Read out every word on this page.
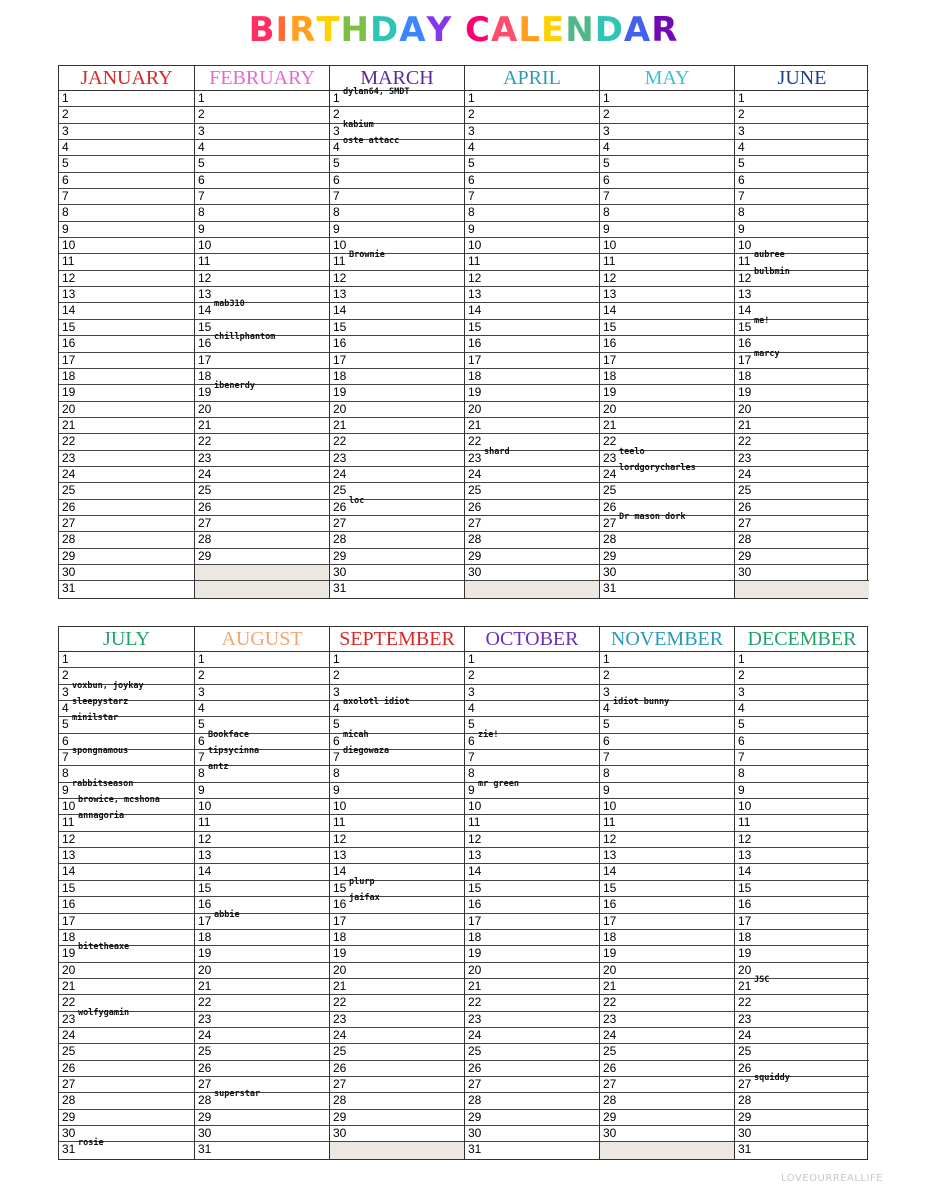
BIRTHDAY CALENDAR
JANUARY
1
2
3
4
5
6
7
8
9
10
11
12
13
14
15
16
17
18
19
20
21
22
23
24
25
26
27
28
29
30
31
FEBRUARY
1
2
3
4
5
6
7
8
9
10
11
12
13
14 mab310
15
16 chillphantom
17
18
19 ibenerdy
20
21
22
23
24
25
26
27
28
29
MARCH
1 dylan64, SMDT
2
3 kabium
4 oste attacc
5
6
7
8
9
10
11 Brownie
12
13
14
15
16
17
18
19
20
21
22
23
24
25
26 loc
27
28
29
30
31
APRIL
1
2
3
4
5
6
7
8
9
10
11
12
13
14
15
16
17
18
19
20
21
22
23 shard
24
25
26
27
28
29
30
MAY
1
2
3
4
5
6
7
8
9
10
11
12
13
14
15
16
17
18
19
20
21
22
23 teelo
24 lordgorycharles
25
26
27 Dr mason dork
28
29
30
31
JUNE
1
2
3
4
5
6
7
8
9
10
11 aubree
12 bulbmin
13
14
15 me!
16
17 marcy
18
19
20
21
22
23
24
25
26
27
28
29
30
JULY
1
2
3 voxbun, joykay
4 sleepystarz
5 minilstar
6
7 spongnamous
8
9 rabbitseason
10 browice, mcshona
11 annagoria
12
13
14
15
16
17
18
19 bitetheaxe
20
21
22
23 wolfygamin
24
25
26
27
28
29
30
31 rosie
AUGUST
1
2
3
4
5
6 Bookface
7 tipsycinna
8 antz
9
10
11
12
13
14
15
16
17 abbie
18
19
20
21
22
23
24
25
26
27
28 superstar
29
30
31
SEPTEMBER
1
2
3
4 axolotl idiot
5
6 micah
7 diegowaza
8
9
10
11
12
13
14
15 plurp
16 jaifax
17
18
19
20
21
22
23
24
25
26
27
28
29
30
OCTOBER
1
2
3
4
5
6 zie!
7
8
9 mr green
10
11
12
13
14
15
16
17
18
19
20
21
22
23
24
25
26
27
28
29
30
31
NOVEMBER
1
2
3
4 idiot bunny
5
6
7
8
9
10
11
12
13
14
15
16
17
18
19
20
21
22
23
24
25
26
27
28
29
30
DECEMBER
1
2
3
4
5
6
7
8
9
10
11
12
13
14
15
16
17
18
19
20
21 JSC
22
23
24
25
26
27 squiddy
28
29
30
31
LOVEOURREALLIFE
